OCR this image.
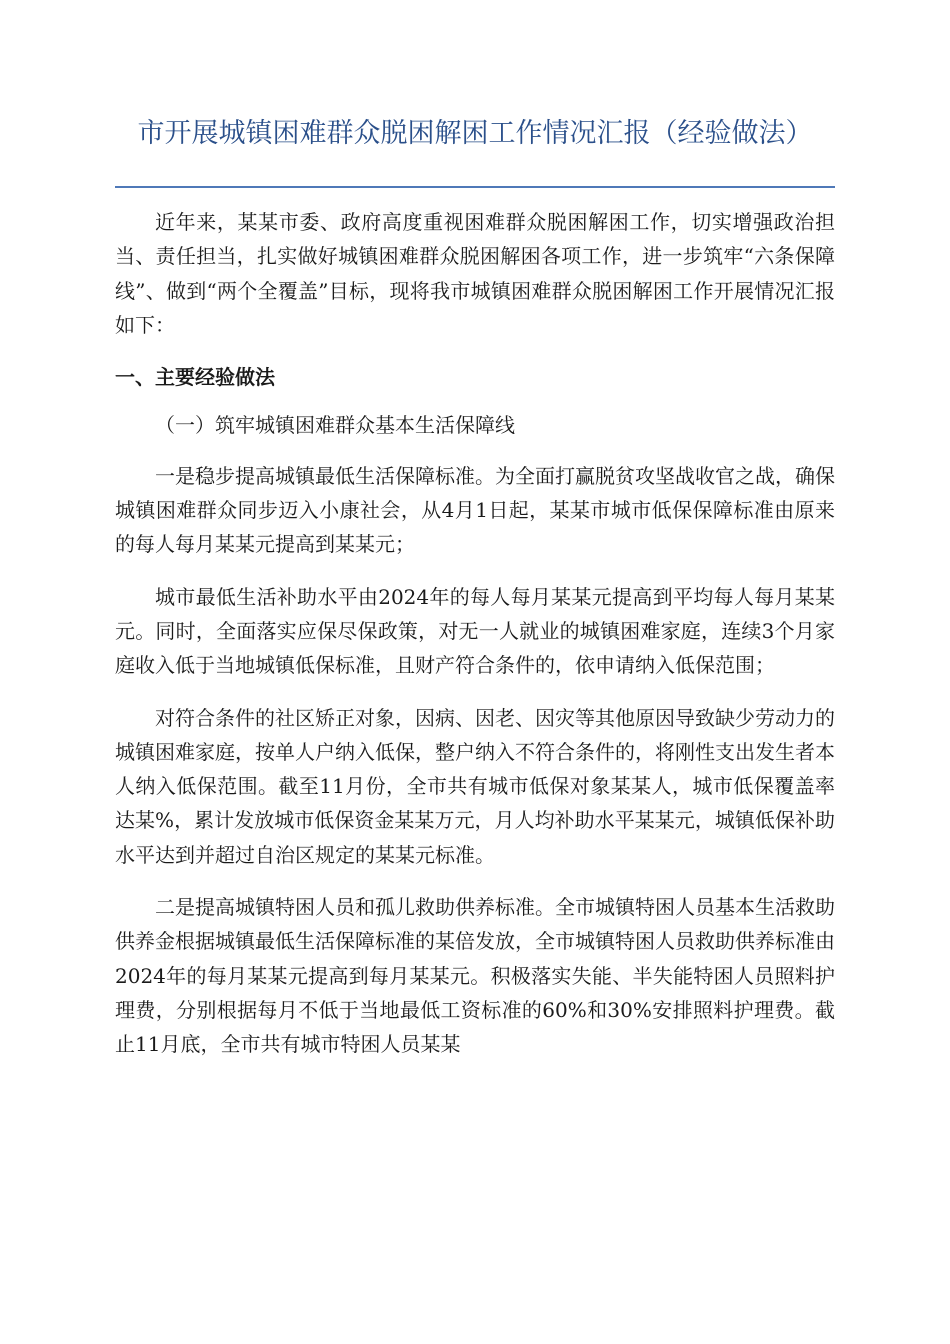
市开展城镇困难群众脱困解困工作情况汇报（经验做法）

近年来，某某市委、政府高度重视困难群众脱困解困工作，切实增强政治担当、责任担当，扎实做好城镇困难群众脱困解困各项工作，进一步筑牢“六条保障线”、做到“两个全覆盖”目标，现将我市城镇困难群众脱困解困工作开展情况汇报如下：

一、主要经验做法

（一）筑牢城镇困难群众基本生活保障线

一是稳步提高城镇最低生活保障标准。为全面打赢脱贫攻坚战收官之战，确保城镇困难群众同步迈入小康社会，从4月1日起，某某市城市低保保障标准由原来的每人每月某某元提高到某某元；

城市最低生活补助水平由2024年的每人每月某某元提高到平均每人每月某某元。同时，全面落实应保尽保政策，对无一人就业的城镇困难家庭，连续3个月家庭收入低于当地城镇低保标准，且财产符合条件的，依申请纳入低保范围；

对符合条件的社区矫正对象，因病、因老、因灾等其他原因导致缺少劳动力的城镇困难家庭，按单人户纳入低保，整户纳入不符合条件的，将刚性支出发生者本人纳入低保范围。截至11月份，全市共有城市低保对象某某人，城市低保覆盖率达某%，累计发放城市低保资金某某万元，月人均补助水平某某元，城镇低保补助水平达到并超过自治区规定的某某元标准。

二是提高城镇特困人员和孤儿救助供养标准。全市城镇特困人员基本生活救助供养金根据城镇最低生活保障标准的某倍发放，全市城镇特困人员救助供养标准由2024年的每月某某元提高到每月某某元。积极落实失能、半失能特困人员照料护理费，分别根据每月不低于当地最低工资标准的60%和30%安排照料护理费。截止11月底，全市共有城市特困人员某某
